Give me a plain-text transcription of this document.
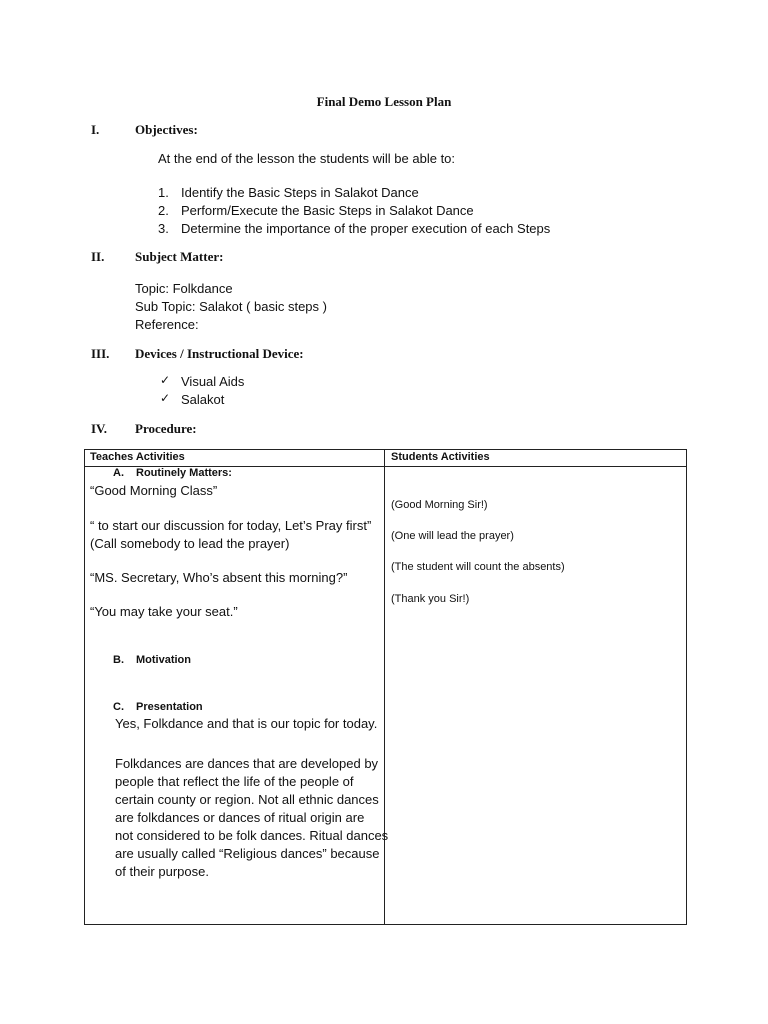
Final Demo Lesson Plan
I.	Objectives:
At the end of the lesson the students will be able to:
1. Identify the Basic Steps in Salakot Dance
2. Perform/Execute the Basic Steps in Salakot Dance
3. Determine the importance of the proper execution of each Steps
II. Subject Matter:
Topic: Folkdance
Sub Topic: Salakot ( basic steps )
Reference:
III. Devices / Instructional Device:
✓ Visual Aids
✓ Salakot
IV. Procedure:
Teaches Activities	Students Activities
A. Routinely Matters:
“Good Morning Class”
“ to start our discussion for today, Let’s Pray first”
(Call somebody to lead the prayer)
“MS. Secretary, Who’s absent this morning?”
“You may take your seat.”
B. Motivation
C. Presentation
Yes, Folkdance and that is our topic for today.
Folkdances are dances that are developed by
people that reflect the life of the people of
certain county or region. Not all ethnic dances
are folkdances or dances of ritual origin are
not considered to be folk dances. Ritual dances
are usually called “Religious dances” because
of their purpose.
(Good Morning Sir!)
(One will lead the prayer)
(The student will count the absents)
(Thank you Sir!)
